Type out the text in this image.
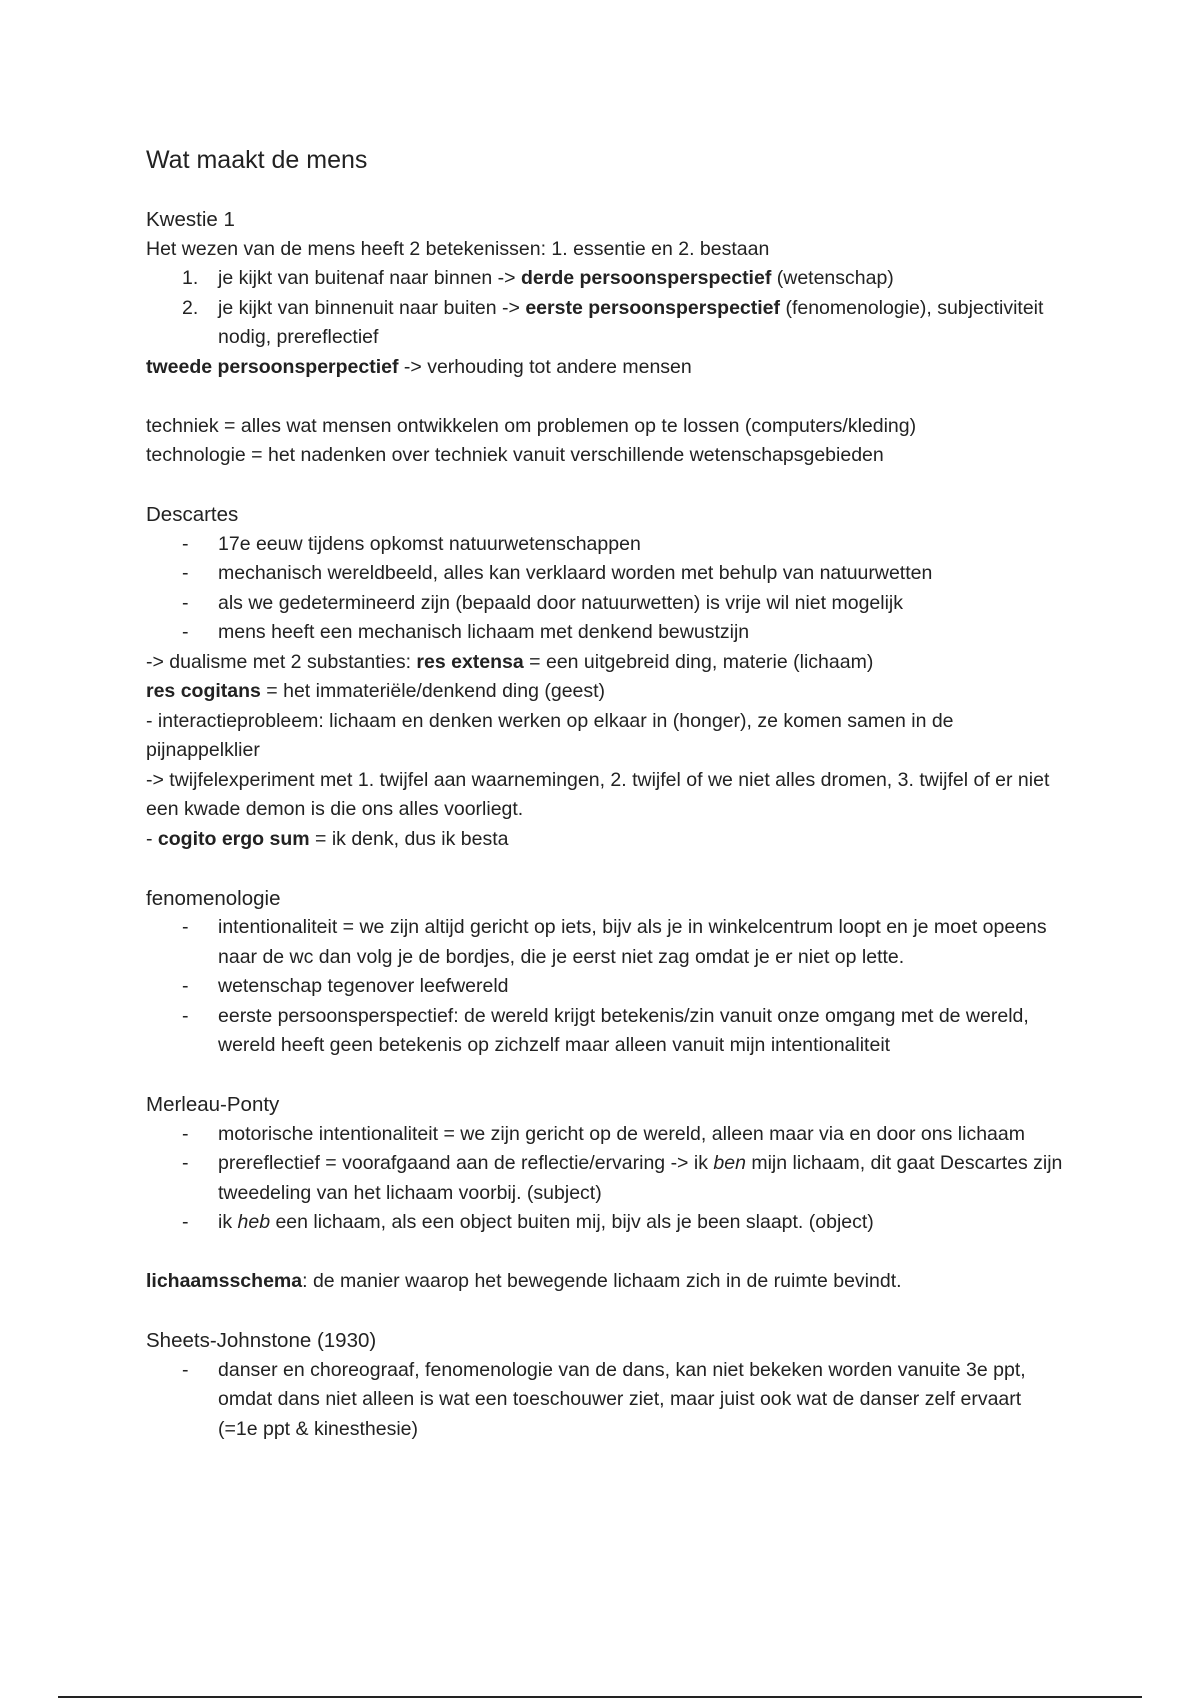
Wat maakt de mens

Kwestie 1

Het wezen van de mens heeft 2 betekenissen: 1. essentie en 2. bestaan

1. je kijkt van buitenaf naar binnen -> derde persoonsperspectief (wetenschap)
2. je kijkt van binnenuit naar buiten -> eerste persoonsperspectief (fenomenologie), subjectiviteit nodig, prereflectief

tweede persoonsperpectief -> verhouding tot andere mensen

techniek = alles wat mensen ontwikkelen om problemen op te lossen (computers/kleding)

technologie = het nadenken over techniek vanuit verschillende wetenschapsgebieden

Descartes

- 17e eeuw tijdens opkomst natuurwetenschappen
- mechanisch wereldbeeld, alles kan verklaard worden met behulp van natuurwetten
- als we gedetermineerd zijn (bepaald door natuurwetten) is vrije wil niet mogelijk
- mens heeft een mechanisch lichaam met denkend bewustzijn

-> dualisme met 2 substanties: res extensa = een uitgebreid ding, materie (lichaam)

res cogitans = het immateriële/denkend ding (geest)

- interactieprobleem: lichaam en denken werken op elkaar in (honger), ze komen samen in de pijnappelklier

-> twijfelexperiment met 1. twijfel aan waarnemingen, 2. twijfel of we niet alles dromen, 3. twijfel of er niet een kwade demon is die ons alles voorliegt.

- cogito ergo sum = ik denk, dus ik besta

fenomenologie

- intentionaliteit = we zijn altijd gericht op iets, bijv als je in winkelcentrum loopt en je moet opeens naar de wc dan volg je de bordjes, die je eerst niet zag omdat je er niet op lette.
- wetenschap tegenover leefwereld
- eerste persoonsperspectief: de wereld krijgt betekenis/zin vanuit onze omgang met de wereld, wereld heeft geen betekenis op zichzelf maar alleen vanuit mijn intentionaliteit

Merleau-Ponty

- motorische intentionaliteit = we zijn gericht op de wereld, alleen maar via en door ons lichaam
- prereflectief = voorafgaand aan de reflectie/ervaring -> ik ben mijn lichaam, dit gaat Descartes zijn tweedeling van het lichaam voorbij. (subject)
- ik heb een lichaam, als een object buiten mij, bijv als je been slaapt. (object)

lichaamsschema: de manier waarop het bewegende lichaam zich in de ruimte bevindt.

Sheets-Johnstone (1930)

- danser en choreograaf, fenomenologie van de dans, kan niet bekeken worden vanuite 3e ppt, omdat dans niet alleen is wat een toeschouwer ziet, maar juist ook wat de danser zelf ervaart (=1e ppt & kinesthesie)
